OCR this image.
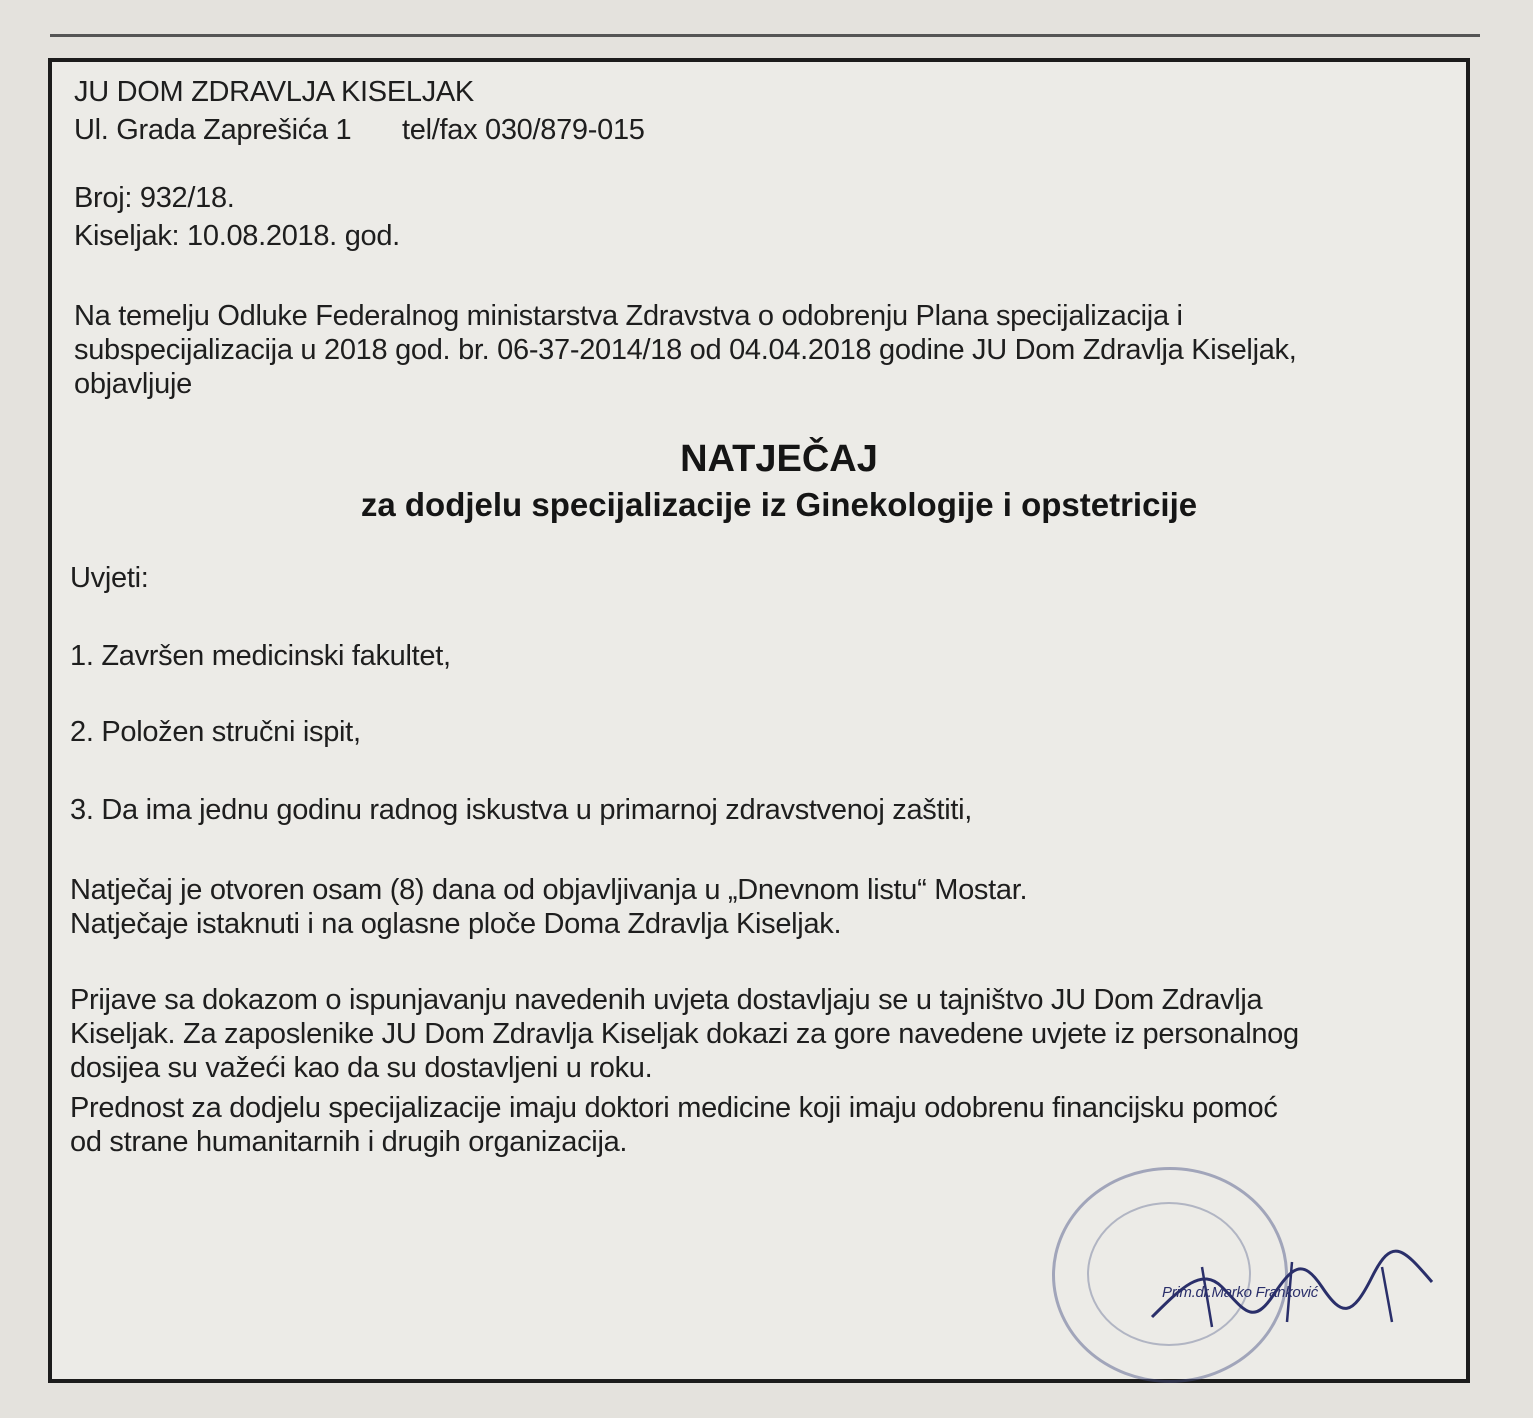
JU DOM ZDRAVLJA KISELJAK
Ul. Grada Zaprešića 1 tel/fax 030/879-015
Broj: 932/18.
Kiseljak: 10.08.2018. god.
Na temelju Odluke Federalnog ministarstva Zdravstva o odobrenju Plana specijalizacija i
subspecijalizacija u 2018 god. br. 06-37-2014/18 od 04.04.2018 godine JU Dom Zdravlja Kiseljak,
objavljuje
NATJEČAJ
za dodjelu specijalizacije iz Ginekologije i opstetricije
Uvjeti:
1. Završen medicinski fakultet,
2. Položen stručni ispit,
3. Da ima jednu godinu radnog iskustva u primarnoj zdravstvenoj zaštiti,
Natječaj je otvoren osam (8) dana od objavljivanja u „Dnevnom listu“ Mostar.
Natječaje istaknuti i na oglasne ploče Doma Zdravlja Kiseljak.
Prijave sa dokazom o ispunjavanju navedenih uvjeta dostavljaju se u tajništvo JU Dom Zdravlja
Kiseljak. Za zaposlenike JU Dom Zdravlja Kiseljak dokazi za gore navedene uvjete iz personalnog
dosijea su važeći kao da su dostavljeni u roku.
Prednost za dodjelu specijalizacije imaju doktori medicine koji imaju odobrenu financijsku pomoć
od strane humanitarnih i drugih organizacija.
Prim.dr.Marko Franković
